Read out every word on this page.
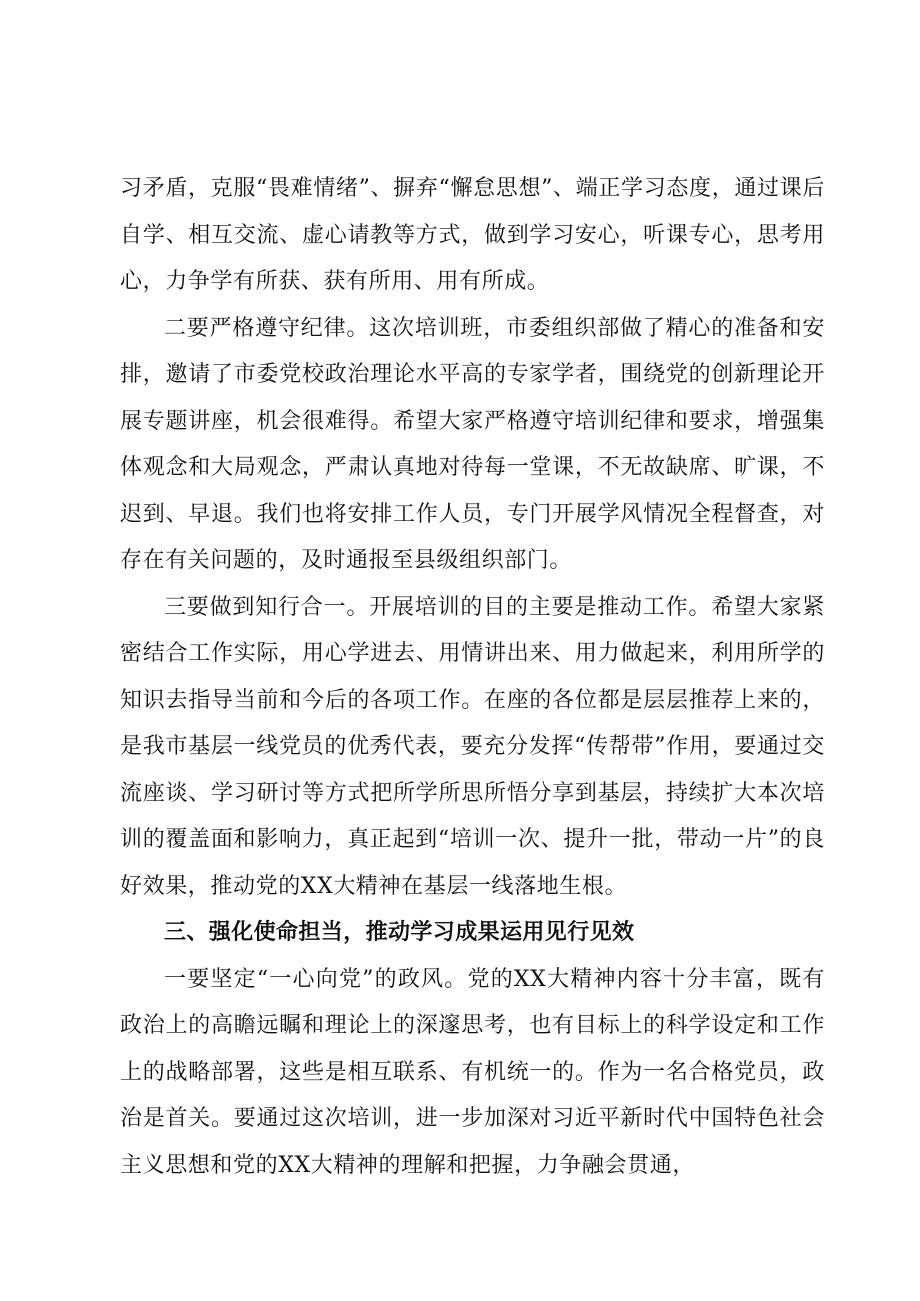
习矛盾，克服“畏难情绪”、摒弃“懈怠思想”、端正学习态度，通过课后自学、相互交流、虚心请教等方式，做到学习安心，听课专心，思考用心，力争学有所获、获有所用、用有所成。

二要严格遵守纪律。这次培训班，市委组织部做了精心的准备和安排，邀请了市委党校政治理论水平高的专家学者，围绕党的创新理论开展专题讲座，机会很难得。希望大家严格遵守培训纪律和要求，增强集体观念和大局观念，严肃认真地对待每一堂课，不无故缺席、旷课，不迟到、早退。我们也将安排工作人员，专门开展学风情况全程督查，对存在有关问题的，及时通报至县级组织部门。

三要做到知行合一。开展培训的目的主要是推动工作。希望大家紧密结合工作实际，用心学进去、用情讲出来、用力做起来，利用所学的知识去指导当前和今后的各项工作。在座的各位都是层层推荐上来的，是我市基层一线党员的优秀代表，要充分发挥“传帮带”作用，要通过交流座谈、学习研讨等方式把所学所思所悟分享到基层，持续扩大本次培训的覆盖面和影响力，真正起到“培训一次、提升一批，带动一片”的良好效果，推动党的XX大精神在基层一线落地生根。

三、强化使命担当，推动学习成果运用见行见效

一要坚定“一心向党”的政风。党的XX大精神内容十分丰富，既有政治上的高瞻远瞩和理论上的深邃思考，也有目标上的科学设定和工作上的战略部署，这些是相互联系、有机统一的。作为一名合格党员，政治是首关。要通过这次培训，进一步加深对习近平新时代中国特色社会主义思想和党的XX大精神的理解和把握，力争融会贯通，
